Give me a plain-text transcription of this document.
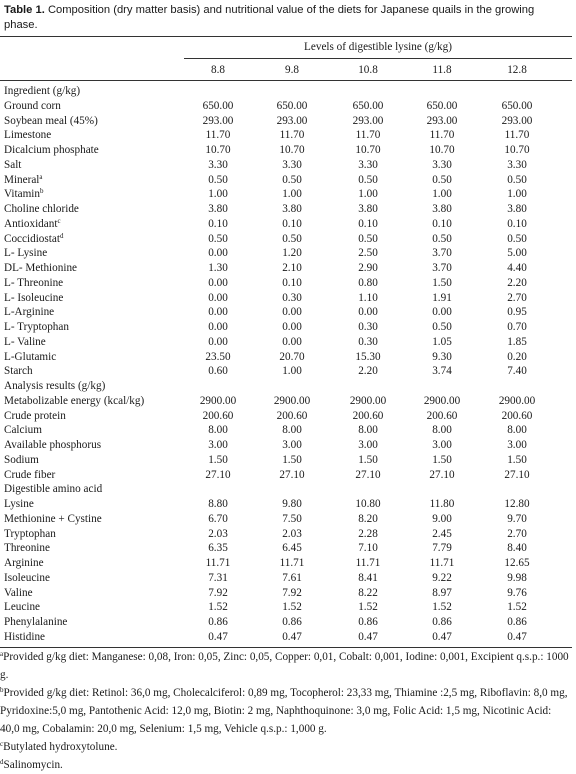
Table 1. Composition (dry matter basis) and nutritional value of the diets for Japanese quails in the growing phase.
Levels of digestible lysine (g/kg)
8.8	9.8	10.8	11.8	12.8
Ingredient (g/kg)
Ground corn	650.00	650.00	650.00	650.00	650.00
Soybean meal (45%)	293.00	293.00	293.00	293.00	293.00
Limestone	11.70	11.70	11.70	11.70	11.70
Dicalcium phosphate	10.70	10.70	10.70	10.70	10.70
Salt	3.30	3.30	3.30	3.30	3.30
Mineral$^a$	0.50	0.50	0.50	0.50	0.50
Vitamin$^b$	1.00	1.00	1.00	1.00	1.00
Choline chloride	3.80	3.80	3.80	3.80	3.80
Antioxidant$^c$	0.10	0.10	0.10	0.10	0.10
Coccidiostat$^d$	0.50	0.50	0.50	0.50	0.50
L- Lysine	0.00	1.20	2.50	3.70	5.00
DL- Methionine	1.30	2.10	2.90	3.70	4.40
L- Threonine	0.00	0.10	0.80	1.50	2.20
L- Isoleucine	0.00	0.30	1.10	1.91	2.70
L-Arginine	0.00	0.00	0.00	0.00	0.95
L- Tryptophan	0.00	0.00	0.30	0.50	0.70
L- Valine	0.00	0.00	0.30	1.05	1.85
L-Glutamic	23.50	20.70	15.30	9.30	0.20
Starch	0.60	1.00	2.20	3.74	7.40
Analysis results (g/kg)
Metabolizable energy (kcal/kg)	2900.00	2900.00	2900.00	2900.00	2900.00
Crude protein	200.60	200.60	200.60	200.60	200.60
Calcium	8.00	8.00	8.00	8.00	8.00
Available phosphorus	3.00	3.00	3.00	3.00	3.00
Sodium	1.50	1.50	1.50	1.50	1.50
Crude fiber	27.10	27.10	27.10	27.10	27.10
Digestible amino acid
Lysine	8.80	9.80	10.80	11.80	12.80
Methionine + Cystine	6.70	7.50	8.20	9.00	9.70
Tryptophan	2.03	2.03	2.28	2.45	2.70
Threonine	6.35	6.45	7.10	7.79	8.40
Arginine	11.71	11.71	11.71	11.71	12.65
Isoleucine	7.31	7.61	8.41	9.22	9.98
Valine	7.92	7.92	8.22	8.97	9.76
Leucine	1.52	1.52	1.52	1.52	1.52
Phenylalanine	0.86	0.86	0.86	0.86	0.86
Histidine	0.47	0.47	0.47	0.47	0.47
$^a$Provided g/kg diet: Manganese: 0,08, Iron: 0,05, Zinc: 0,05, Copper: 0,01, Cobalt: 0,001, Iodine: 0,001, Excipient q.s.p.: 1000 g.
$^b$Provided g/kg diet: Retinol: 36,0 mg, Cholecalciferol: 0,89 mg, Tocopherol: 23,33 mg, Thiamine :2,5 mg, Riboflavin: 8,0 mg, Pyridoxine:5,0 mg, Pantothenic Acid: 12,0 mg, Biotin: 2 mg, Naphthoquinone: 3,0 mg, Folic Acid: 1,5 mg, Nicotinic Acid: 40,0 mg, Cobalamin: 20,0 mg, Selenium: 1,5 mg, Vehicle q.s.p.: 1,000 g.
$^c$Butylated hydroxytolune.
$^d$Salinomycin.
